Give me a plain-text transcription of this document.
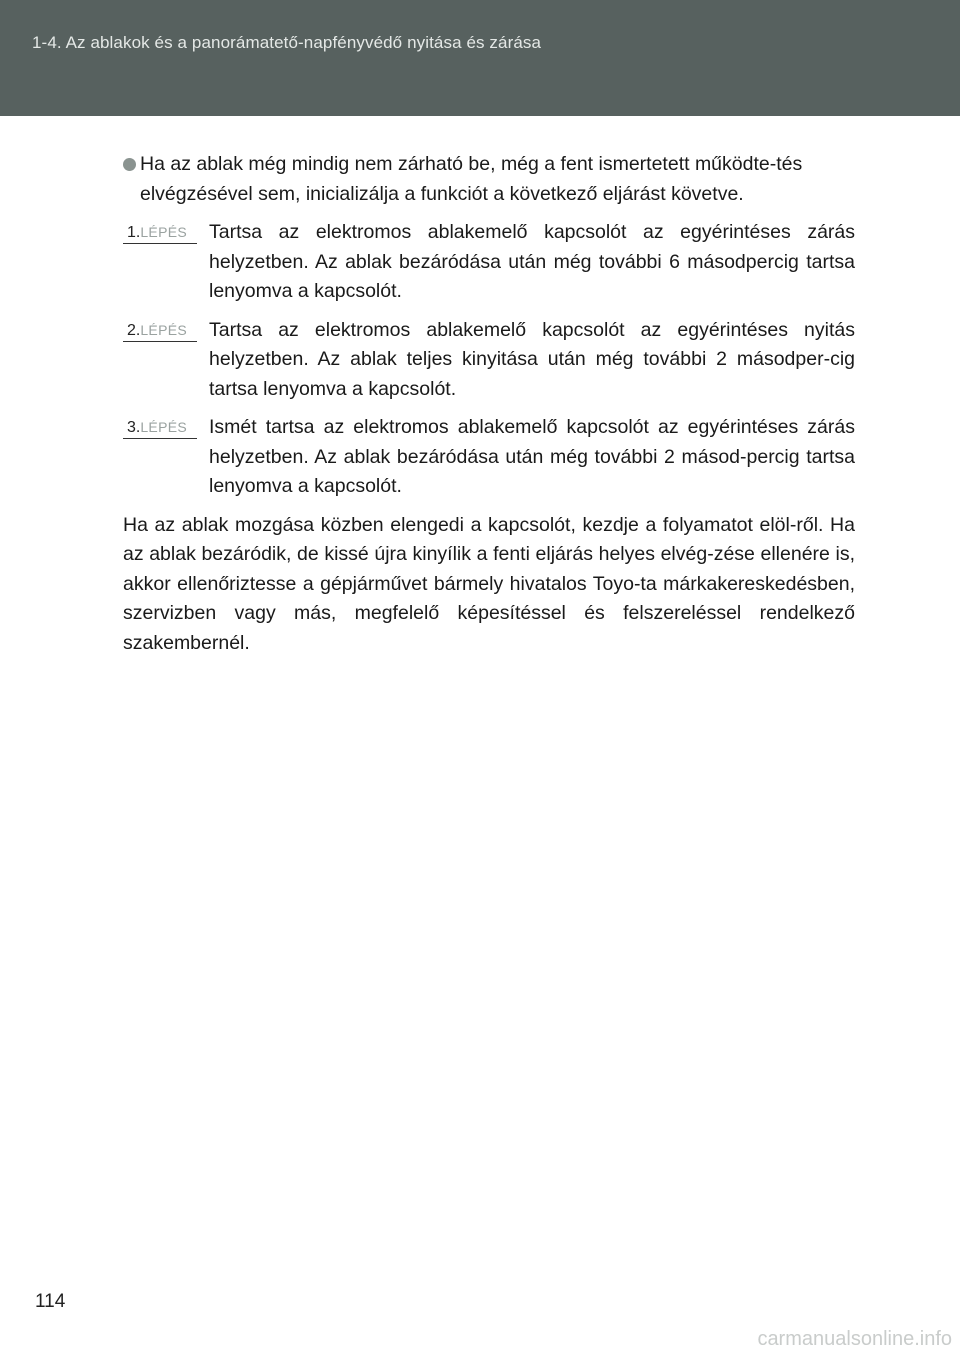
1-4. Az ablakok és a panorámatető-napfényvédő nyitása és zárása
Ha az ablak még mindig nem zárható be, még a fent ismertetett működte-tés elvégzésével sem, inicializálja a funkciót a következő eljárást követve.
1.LÉPÉS	Tartsa az elektromos ablakemelő kapcsolót az egyérintéses zárás helyzetben. Az ablak bezáródása után még további 6 másodpercig tartsa lenyomva a kapcsolót.
2.LÉPÉS	Tartsa az elektromos ablakemelő kapcsolót az egyérintéses nyitás helyzetben. Az ablak teljes kinyitása után még további 2 másodper-cig tartsa lenyomva a kapcsolót.
3.LÉPÉS	Ismét tartsa az elektromos ablakemelő kapcsolót az egyérintéses zárás helyzetben. Az ablak bezáródása után még további 2 másod-percig tartsa lenyomva a kapcsolót.
Ha az ablak mozgása közben elengedi a kapcsolót, kezdje a folyamatot elöl-ről. Ha az ablak bezáródik, de kissé újra kinyílik a fenti eljárás helyes elvég-zése ellenére is, akkor ellenőriztesse a gépjárművet bármely hivatalos Toyo-ta márkakereskedésben, szervizben vagy más, megfelelő képesítéssel és felszereléssel rendelkező szakembernél.
114
carmanualsonline.info
